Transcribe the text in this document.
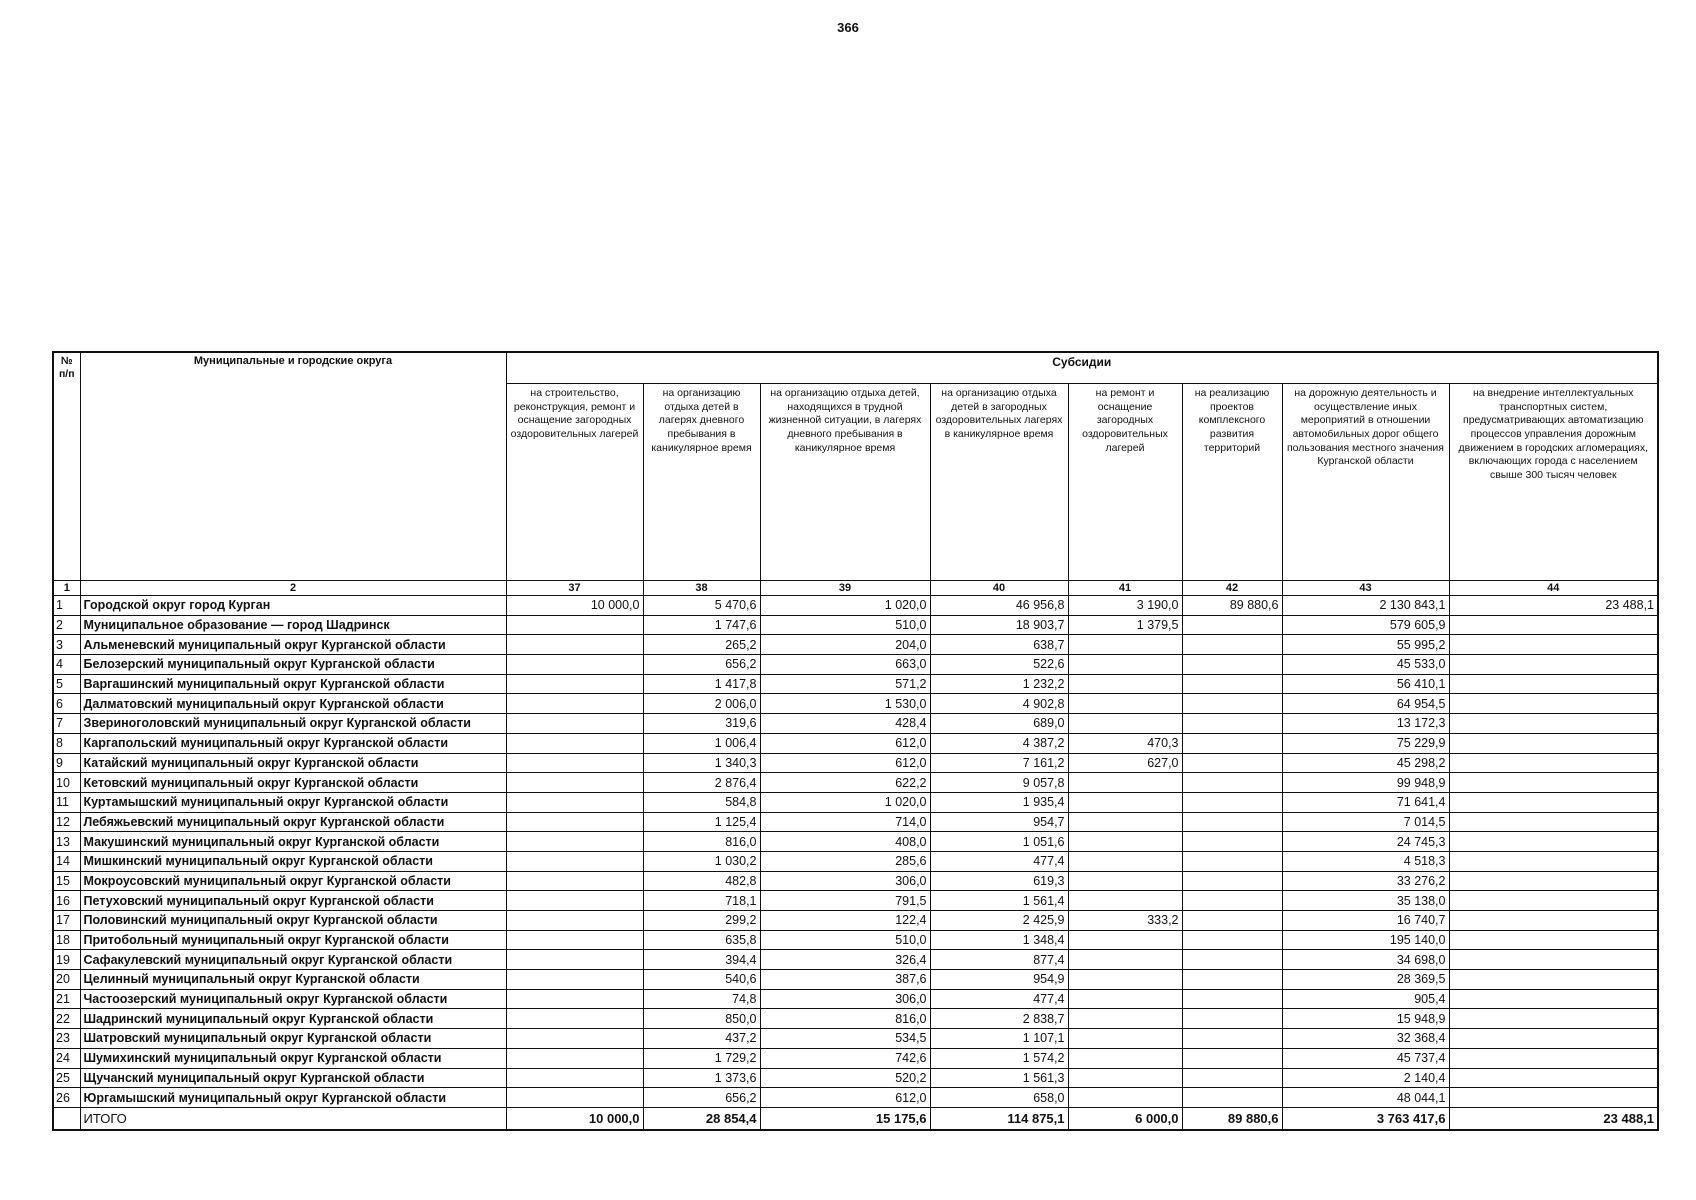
366
№ п/п	Муниципальные и городские округа	Субсидии							
		на строительство, реконструкция, ремонт и оснащение загородных оздоровительных лагерей	на организацию отдыха детей в лагерях дневного пребывания в каникулярное время	на организацию отдыха детей, находящихся в трудной жизненной ситуации, в лагерях дневного пребывания в каникулярное время	на организацию отдыха детей в загородных оздоровительных лагерях в каникулярное время	на ремонт и оснащение загородных оздоровительных лагерей	на реализацию проектов комплексного развития территорий	на дорожную деятельность и осуществление иных мероприятий в отношении автомобильных дорог общего пользования местного значения Курганской области	на внедрение интеллектуальных транспортных систем, предусматривающих автоматизацию процессов управления дорожным движением в городских агломерациях, включающих города с населением свыше 300 тысяч человек
1	2	37	38	39	40	41	42	43	44
1	Городской округ город Курган	10 000,0	5 470,6	1 020,0	46 956,8	3 190,0	89 880,6	2 130 843,1	23 488,1
2	Муниципальное образование — город Шадринск		1 747,6	510,0	18 903,7	1 379,5		579 605,9	
3	Альменевский муниципальный округ Курганской области		265,2	204,0	638,7			55 995,2	
4	Белозерский муниципальный округ Курганской области		656,2	663,0	522,6			45 533,0	
5	Варгашинский муниципальный округ Курганской области		1 417,8	571,2	1 232,2			56 410,1	
6	Далматовский муниципальный округ Курганской области		2 006,0	1 530,0	4 902,8			64 954,5	
7	Звериноголовский муниципальный округ Курганской области		319,6	428,4	689,0			13 172,3	
8	Каргапольский муниципальный округ Курганской области		1 006,4	612,0	4 387,2	470,3		75 229,9	
9	Катайский муниципальный округ Курганской области		1 340,3	612,0	7 161,2	627,0		45 298,2	
10	Кетовский муниципальный округ Курганской области		2 876,4	622,2	9 057,8			99 948,9	
11	Куртамышский муниципальный округ Курганской области		584,8	1 020,0	1 935,4			71 641,4	
12	Лебяжьевский муниципальный округ Курганской области		1 125,4	714,0	954,7			7 014,5	
13	Макушинский муниципальный округ Курганской области		816,0	408,0	1 051,6			24 745,3	
14	Мишкинский муниципальный округ Курганской области		1 030,2	285,6	477,4			4 518,3	
15	Мокроусовский муниципальный округ Курганской области		482,8	306,0	619,3			33 276,2	
16	Петуховский муниципальный округ Курганской области		718,1	791,5	1 561,4			35 138,0	
17	Половинский муниципальный округ Курганской области		299,2	122,4	2 425,9	333,2		16 740,7	
18	Притобольный муниципальный округ Курганской области		635,8	510,0	1 348,4			195 140,0	
19	Сафакулевский муниципальный округ Курганской области		394,4	326,4	877,4			34 698,0	
20	Целинный муниципальный округ Курганской области		540,6	387,6	954,9			28 369,5	
21	Частоозерский муниципальный округ Курганской области		74,8	306,0	477,4			905,4	
22	Шадринский муниципальный округ Курганской области		850,0	816,0	2 838,7			15 948,9	
23	Шатровский муниципальный округ Курганской области		437,2	534,5	1 107,1			32 368,4	
24	Шумихинский муниципальный округ Курганской области		1 729,2	742,6	1 574,2			45 737,4	
25	Щучанский муниципальный округ Курганской области		1 373,6	520,2	1 561,3			2 140,4	
26	Юргамышский муниципальный округ Курганской области		656,2	612,0	658,0			48 044,1	
	ИТОГО	10 000,0	28 854,4	15 175,6	114 875,1	6 000,0	89 880,6	3 763 417,6	23 488,1
